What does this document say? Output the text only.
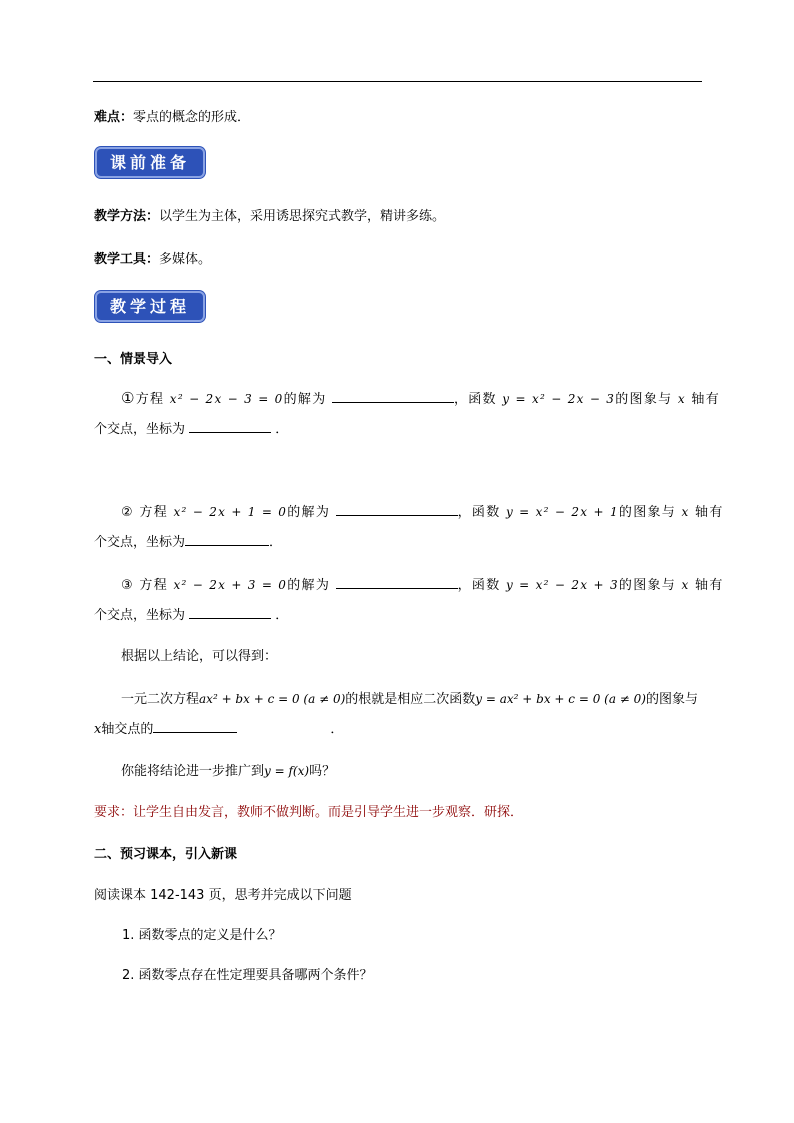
难点：零点的概念的形成．
课前准备
教学方法：以学生为主体，采用诱思探究式教学，精讲多练。
教学工具：多媒体。
教学过程
一、情景导入
①方程 x² − 2x − 3 = 0的解为	，函数 y = x² − 2x − 3的图象与 x 轴有
个交点，坐标为	．
② 方程 x² − 2x + 1 = 0的解为	，函数 y = x² − 2x + 1的图象与 x 轴有
个交点，坐标为	．
③ 方程 x² − 2x + 3 = 0的解为	，函数 y = x² − 2x + 3的图象与 x 轴有
个交点，坐标为	．
根据以上结论，可以得到：
一元二次方程ax² + bx + c = 0 (a ≠ 0)的根就是相应二次函数y = ax² + bx + c = 0 (a ≠ 0)的图象与
x轴交点的	．
你能将结论进一步推广到y = f(x)吗？
要求：让学生自由发言，教师不做判断。而是引导学生进一步观察．研探．
二、预习课本，引入新课
阅读课本 142-143 页，思考并完成以下问题
1. 函数零点的定义是什么？
2. 函数零点存在性定理要具备哪两个条件？
